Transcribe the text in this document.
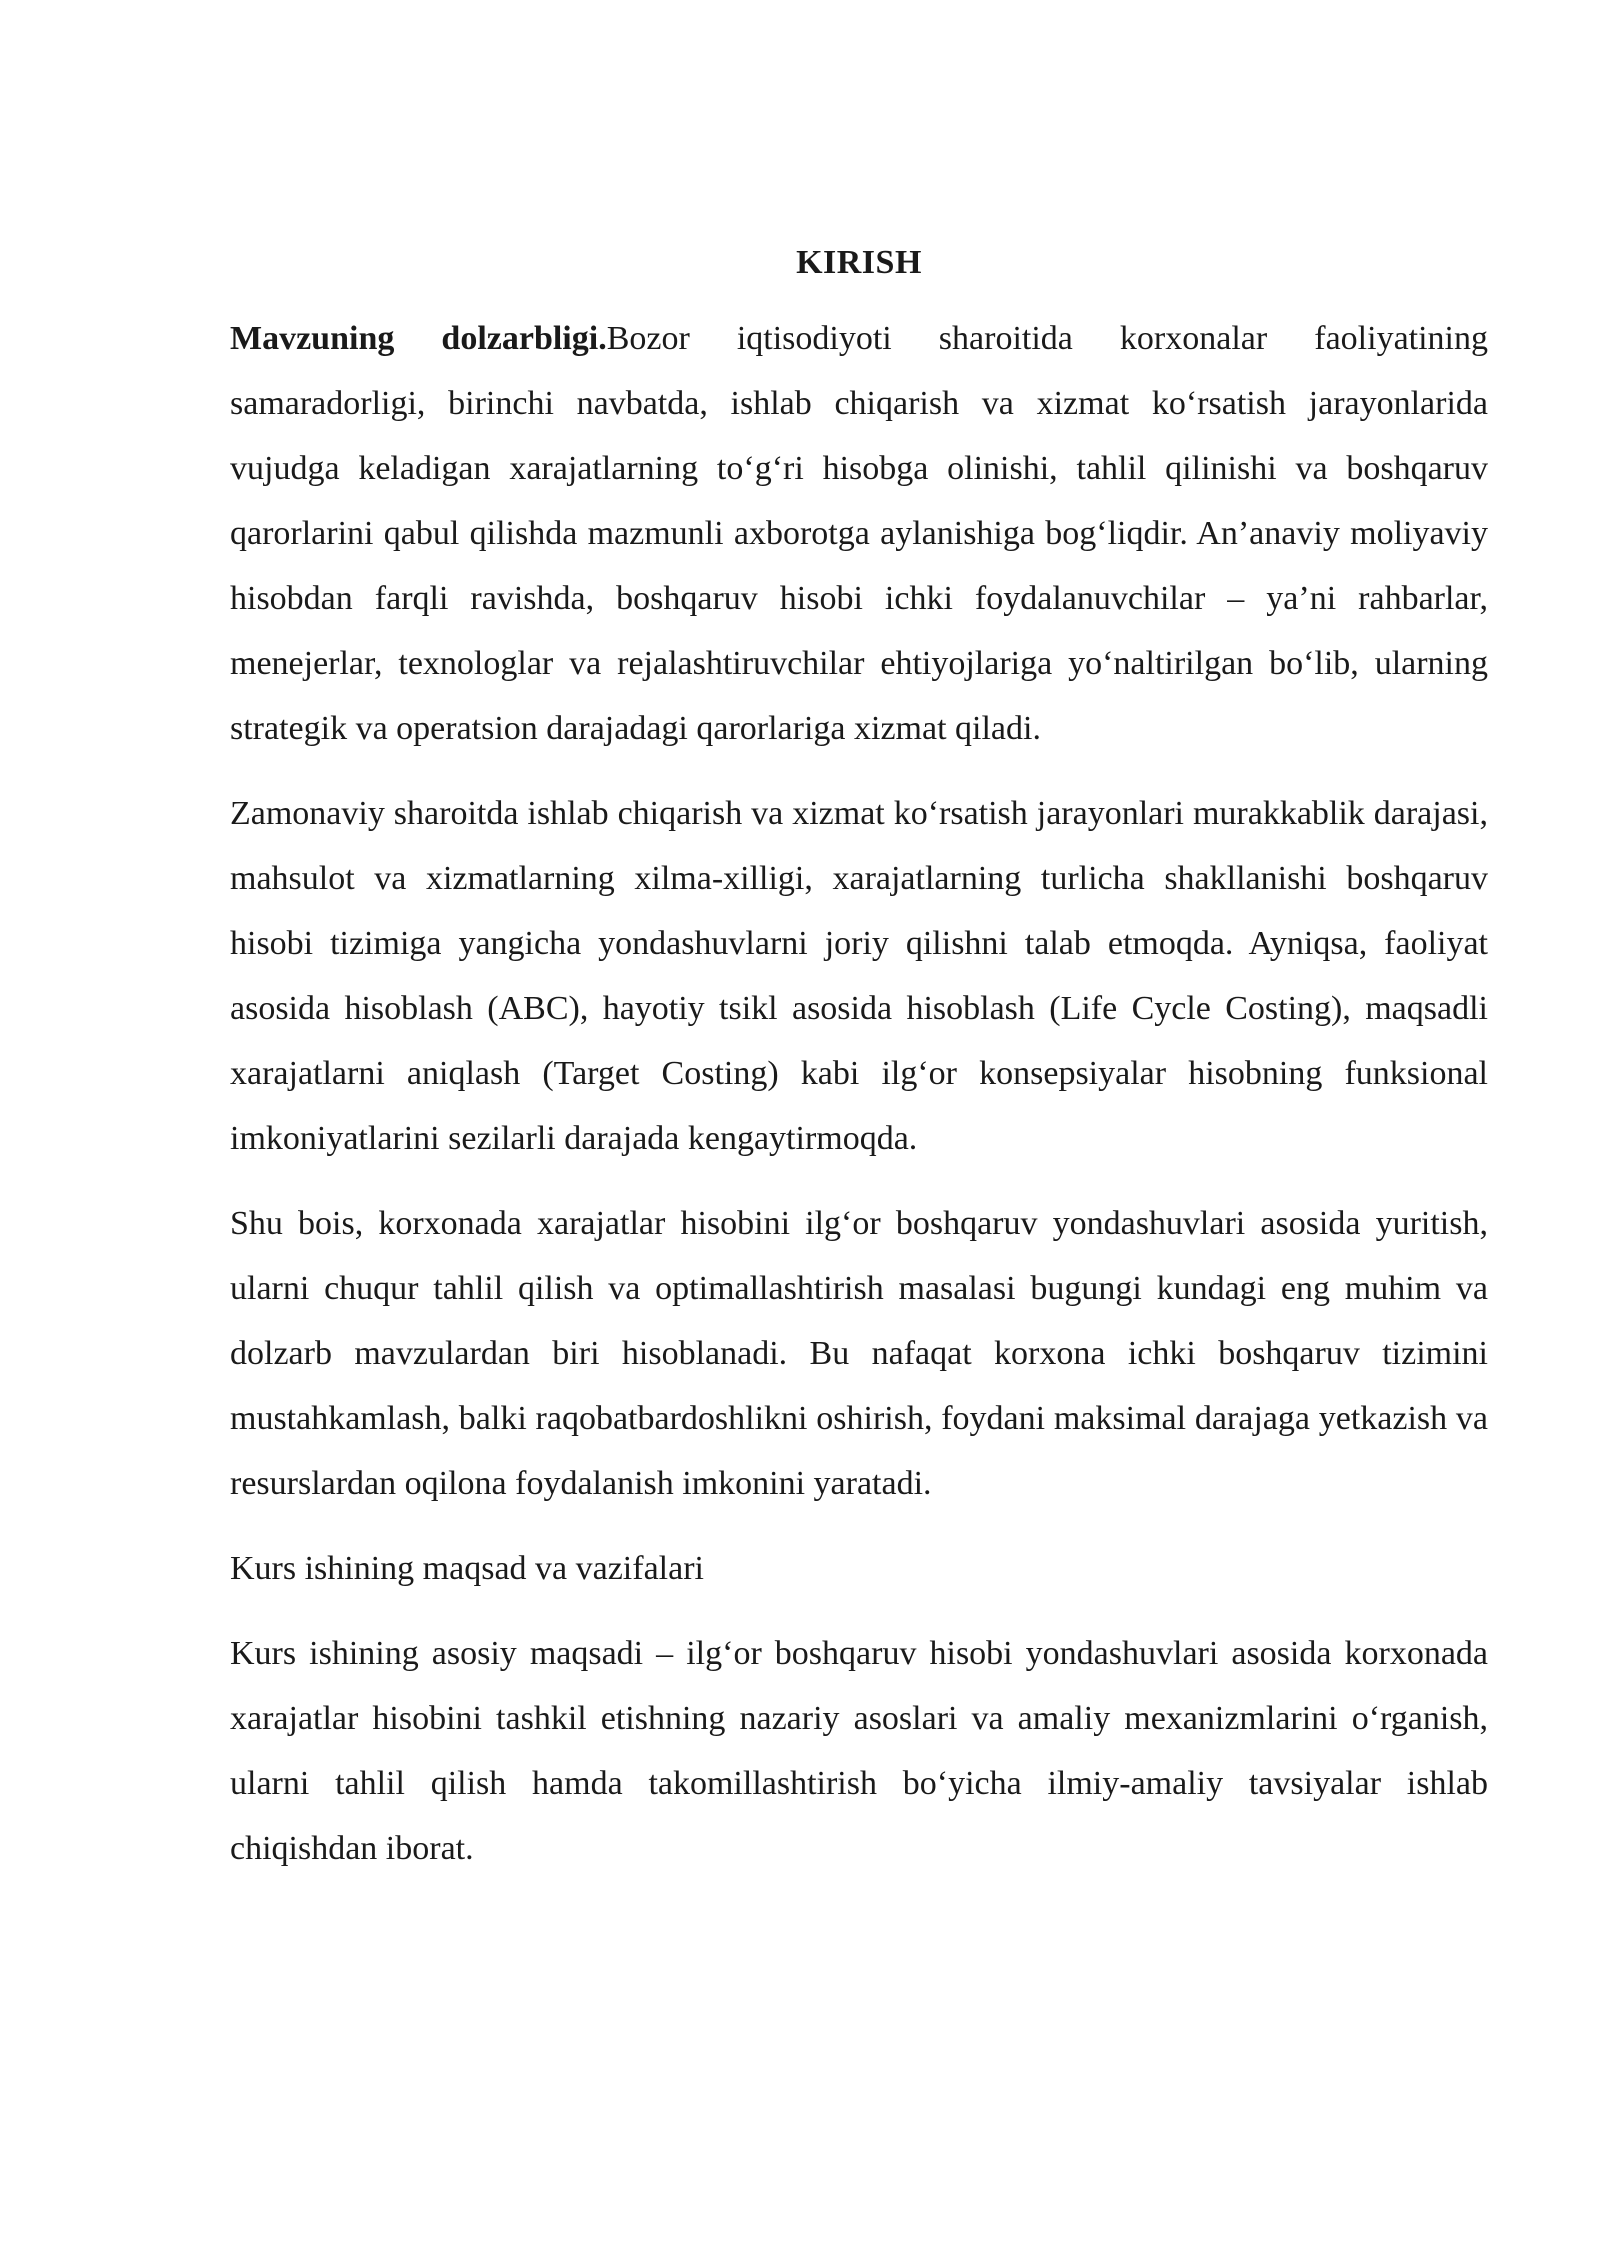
KIRISH

Mavzuning dolzarbligi.Bozor iqtisodiyoti sharoitida korxonalar faoliyatining samaradorligi, birinchi navbatda, ishlab chiqarish va xizmat ko‘rsatish jarayonlarida vujudga keladigan xarajatlarning to‘g‘ri hisobga olinishi, tahlil qilinishi va boshqaruv qarorlarini qabul qilishda mazmunli axborotga aylanishiga bog‘liqdir. An’anaviy moliyaviy hisobdan farqli ravishda, boshqaruv hisobi ichki foydalanuvchilar – ya’ni rahbarlar, menejerlar, texnologlar va rejalashtiruvchilar ehtiyojlariga yo‘naltirilgan bo‘lib, ularning strategik va operatsion darajadagi qarorlariga xizmat qiladi.

Zamonaviy sharoitda ishlab chiqarish va xizmat ko‘rsatish jarayonlari murakkablik darajasi, mahsulot va xizmatlarning xilma-xilligi, xarajatlarning turlicha shakllanishi boshqaruv hisobi tizimiga yangicha yondashuvlarni joriy qilishni talab etmoqda. Ayniqsa, faoliyat asosida hisoblash (ABC), hayotiy tsikl asosida hisoblash (Life Cycle Costing), maqsadli xarajatlarni aniqlash (Target Costing) kabi ilg‘or konsepsiyalar hisobning funksional imkoniyatlarini sezilarli darajada kengaytirmoqda.

Shu bois, korxonada xarajatlar hisobini ilg‘or boshqaruv yondashuvlari asosida yuritish, ularni chuqur tahlil qilish va optimallashtirish masalasi bugungi kundagi eng muhim va dolzarb mavzulardan biri hisoblanadi. Bu nafaqat korxona ichki boshqaruv tizimini mustahkamlash, balki raqobatbardoshlikni oshirish, foydani maksimal darajaga yetkazish va resurslardan oqilona foydalanish imkonini yaratadi.

Kurs ishining maqsad va vazifalari

Kurs ishining asosiy maqsadi – ilg‘or boshqaruv hisobi yondashuvlari asosida korxonada xarajatlar hisobini tashkil etishning nazariy asoslari va amaliy mexanizmlarini o‘rganish, ularni tahlil qilish hamda takomillashtirish bo‘yicha ilmiy-amaliy tavsiyalar ishlab chiqishdan iborat.
